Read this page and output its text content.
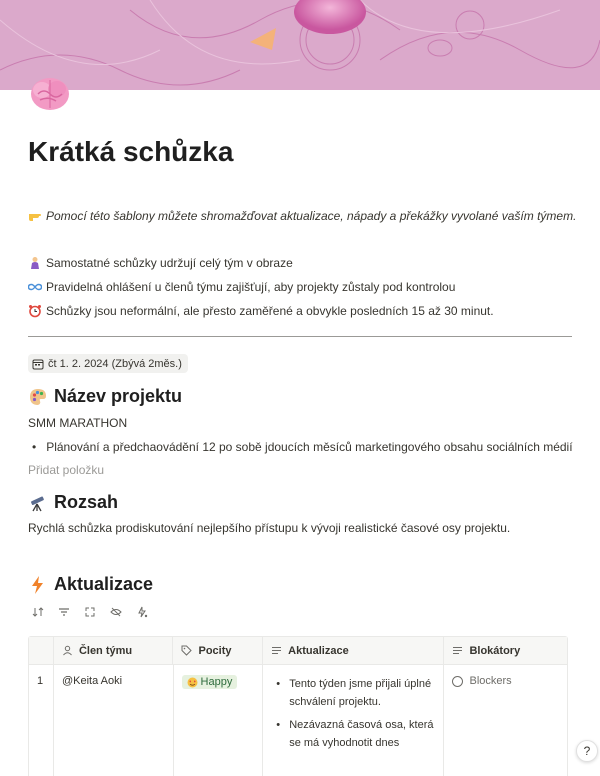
Krátká schůzka
Pomocí této šablony můžete shromažďovat aktualizace, nápady a překážky vyvolané vaším týmem.
Samostatné schůzky udržují celý tým v obraze
Pravidelná ohlášení u členů týmu zajišťují, aby projekty zůstaly pod kontrolou
Schůzky jsou neformální, ale přesto zaměřené a obvykle posledních 15 až 30 minut.
čt 1. 2. 2024 (Zbývá 2měs.)
Název projektu
SMM MARATHON
• Plánování a předchaovádění 12 po sobě jdoucích měsíců marketingového obsahu sociálních médií
Přidat položku
Rozsah
Rychlá schůzka prodiskutování nejlepšího přístupu k vývoji realistické časové osy projektu.
Aktualizace
Člen týmu	Pocity	Aktualizace	Blokátory
1	@Keita Aoki	Happy
•	Tento týden jsme přijali úplné schválení projektu.
• Nezávazná časová osa, která se má vyhodnotit dnes
Blockers
?
